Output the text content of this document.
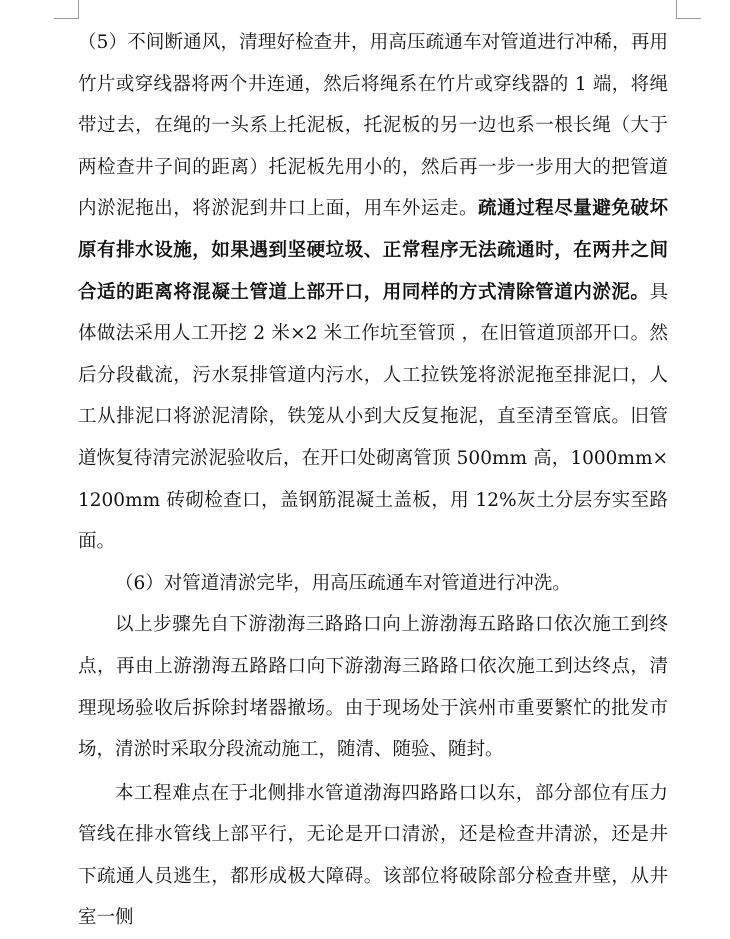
（5）不间断通风，清理好检查井，用高压疏通车对管道进行冲稀，再用竹片或穿线器将两个井连通，然后将绳系在竹片或穿线器的 1 端，将绳带过去，在绳的一头系上托泥板，托泥板的另一边也系一根长绳（大于两检查井子间的距离）托泥板先用小的，然后再一步一步用大的把管道内淤泥拖出，将淤泥到井口上面，用车外运走。疏通过程尽量避免破坏原有排水设施，如果遇到坚硬垃圾、正常程序无法疏通时，在两井之间合适的距离将混凝土管道上部开口，用同样的方式清除管道内淤泥。具体做法采用人工开挖 2 米×2 米工作坑至管顶 ，在旧管道顶部开口。然后分段截流，污水泵排管道内污水，人工拉铁笼将淤泥拖至排泥口，人工从排泥口将淤泥清除，铁笼从小到大反复拖泥，直至清至管底。旧管道恢复待清完淤泥验收后，在开口处砌离管顶 500mm 高，1000mm×1200mm 砖砌检查口，盖钢筋混凝土盖板，用 12%灰土分层夯实至路面。

（6）对管道清淤完毕，用高压疏通车对管道进行冲洗。

以上步骤先自下游渤海三路路口向上游渤海五路路口依次施工到终点，再由上游渤海五路路口向下游渤海三路路口依次施工到达终点，清理现场验收后拆除封堵器撤场。由于现场处于滨州市重要繁忙的批发市场，清淤时采取分段流动施工，随清、随验、随封。

本工程难点在于北侧排水管道渤海四路路口以东，部分部位有压力管线在排水管线上部平行，无论是开口清淤，还是检查井清淤，还是井下疏通人员逃生，都形成极大障碍。该部位将破除部分检查井壁，从井室一侧
